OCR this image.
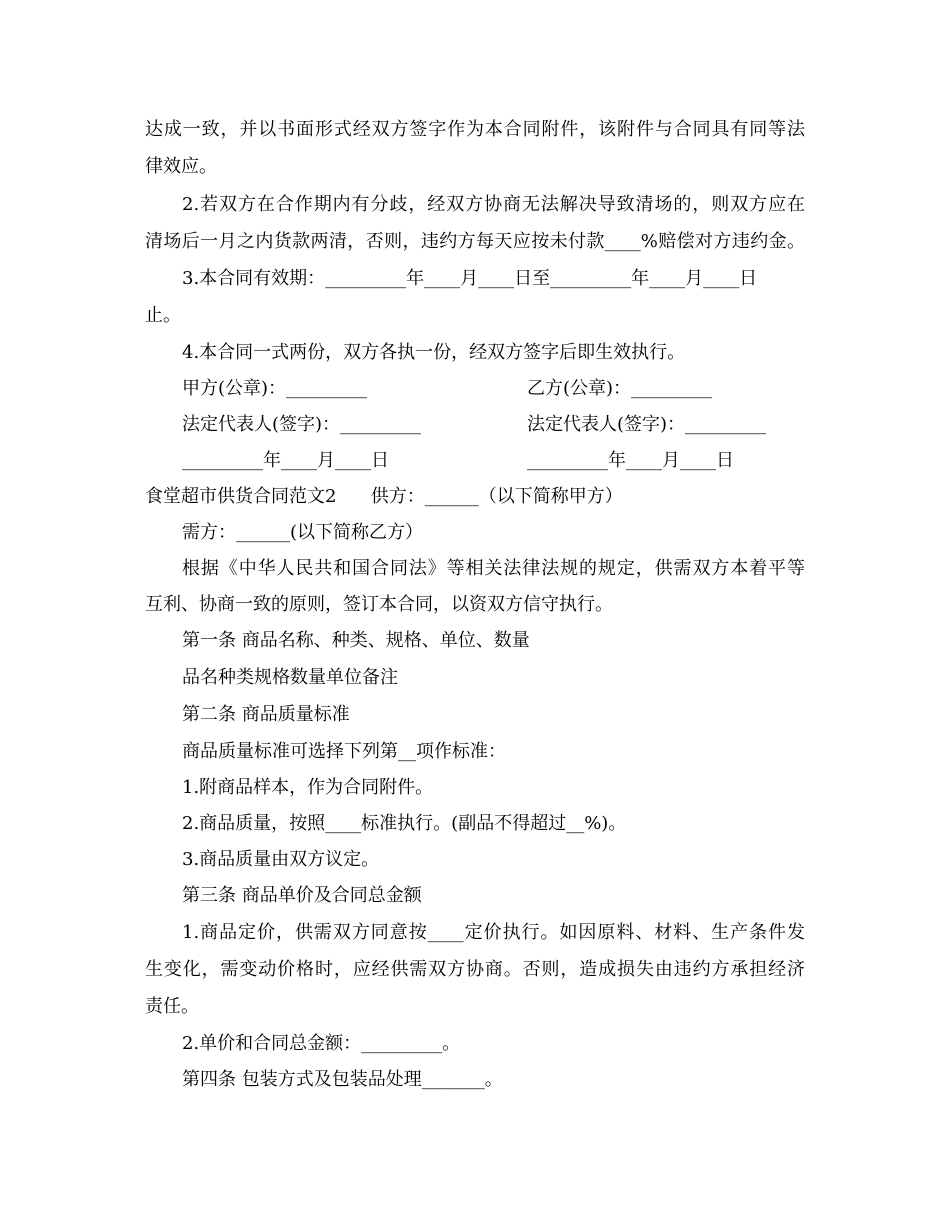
达成一致，并以书面形式经双方签字作为本合同附件，该附件与合同具有同等法
律效应。
2.若双方在合作期内有分歧，经双方协商无法解决导致清场的，则双方应在
清场后一月之内货款两清，否则，违约方每天应按未付款____%赔偿对方违约金。
3.本合同有效期：_________年____月____日至_________年____月____日
止。
4.本合同一式两份，双方各执一份，经双方签字后即生效执行。
甲方(公章)：_________	乙方(公章)：_________
法定代表人(签字)：_________	法定代表人(签字)：_________
_________年____月____日	_________年____月____日
食堂超市供货合同范文2      供方：______（以下简称甲方）
需方：______(以下简称乙方）
根据《中华人民共和国合同法》等相关法律法规的规定，供需双方本着平等
互利、协商一致的原则，签订本合同，以资双方信守执行。
第一条 商品名称、种类、规格、单位、数量
品名种类规格数量单位备注
第二条 商品质量标准
商品质量标准可选择下列第__项作标准：
1.附商品样本，作为合同附件。
2.商品质量，按照____标准执行。(副品不得超过__%)。
3.商品质量由双方议定。
第三条 商品单价及合同总金额
1.商品定价，供需双方同意按____定价执行。如因原料、材料、生产条件发
生变化，需变动价格时，应经供需双方协商。否则，造成损失由违约方承担经济
责任。
2.单价和合同总金额：_________。
第四条 包装方式及包装品处理_______。
